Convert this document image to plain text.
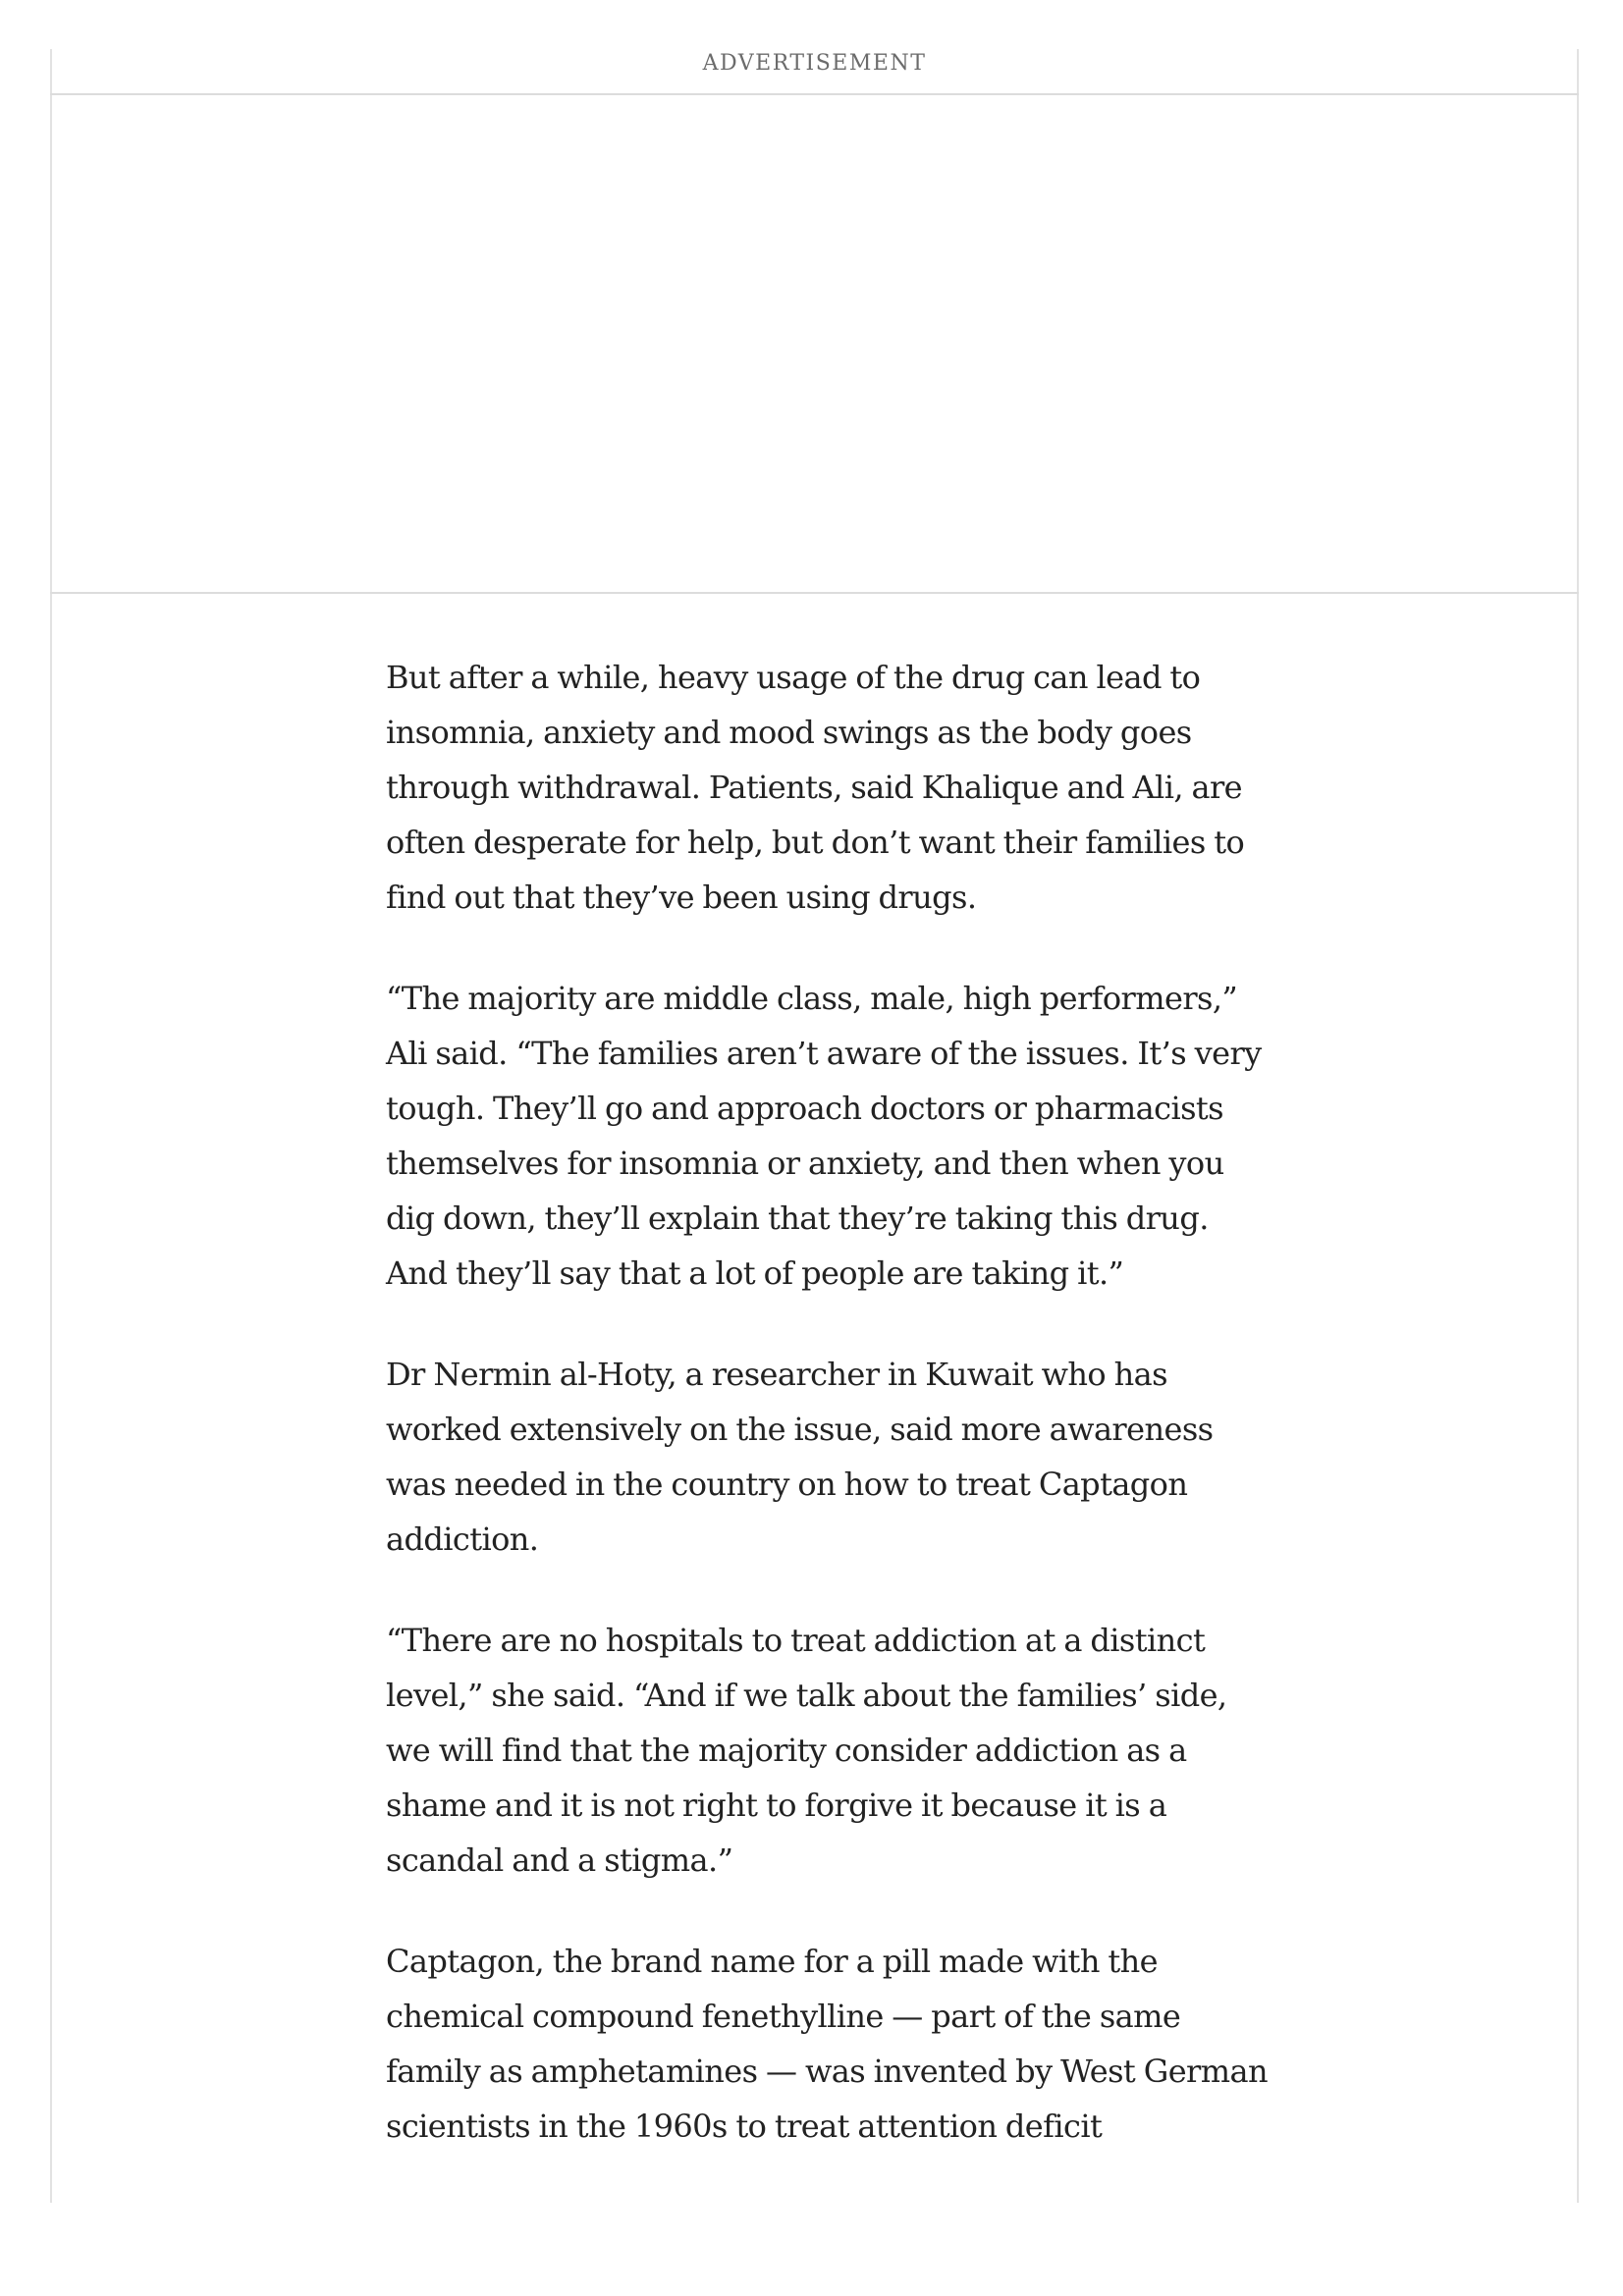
ADVERTISEMENT

But after a while, heavy usage of the drug can lead to insomnia, anxiety and mood swings as the body goes through withdrawal. Patients, said Khalique and Ali, are often desperate for help, but don’t want their families to find out that they’ve been using drugs.

“The majority are middle class, male, high performers,” Ali said. “The families aren’t aware of the issues. It’s very tough. They’ll go and approach doctors or pharmacists themselves for insomnia or anxiety, and then when you dig down, they’ll explain that they’re taking this drug. And they’ll say that a lot of people are taking it.”

Dr Nermin al-Hoty, a researcher in Kuwait who has worked extensively on the issue, said more awareness was needed in the country on how to treat Captagon addiction.

“There are no hospitals to treat addiction at a distinct level,” she said. “And if we talk about the families’ side, we will find that the majority consider addiction as a shame and it is not right to forgive it because it is a scandal and a stigma.”

Captagon, the brand name for a pill made with the chemical compound fenethylline — part of the same family as amphetamines — was invented by West German scientists in the 1960s to treat attention deficit
